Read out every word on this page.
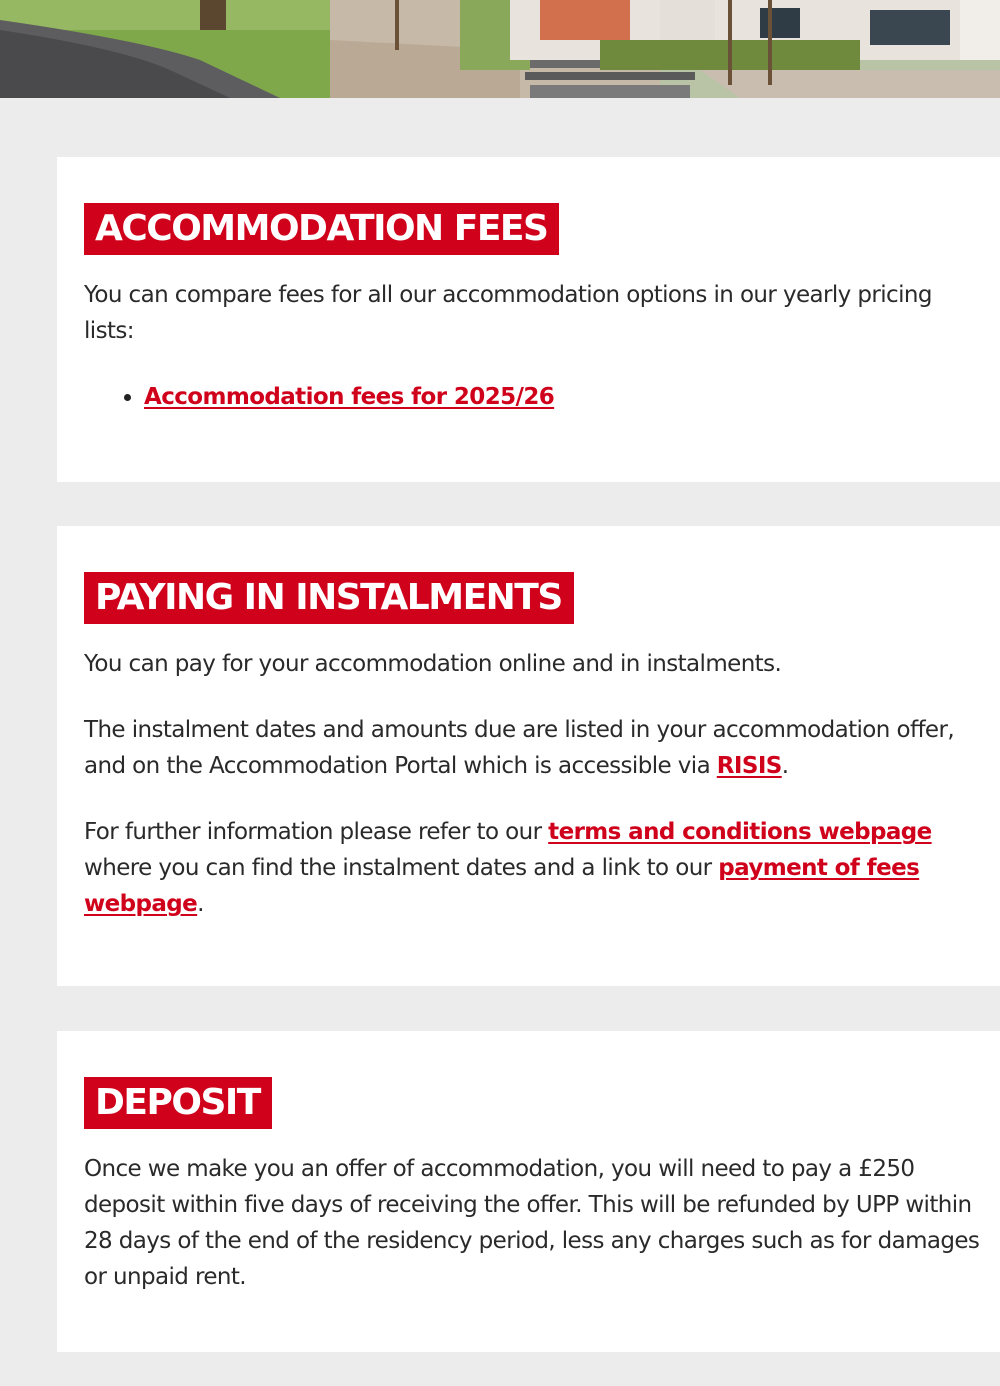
ACCOMMODATION FEES

You can compare fees for all our accommodation options in our yearly pricing lists:

• Accommodation fees for 2025/26
PAYING IN INSTALMENTS

You can pay for your accommodation online and in instalments.

The instalment dates and amounts due are listed in your accommodation offer, and on the Accommodation Portal which is accessible via RISIS.

For further information please refer to our terms and conditions webpage where you can find the instalment dates and a link to our payment of fees webpage.

DEPOSIT

Once we make you an offer of accommodation, you will need to pay a £250 deposit within five days of receiving the offer. This will be refunded by UPP within 28 days of the end of the residency period, less any charges such as for damages or unpaid rent.
